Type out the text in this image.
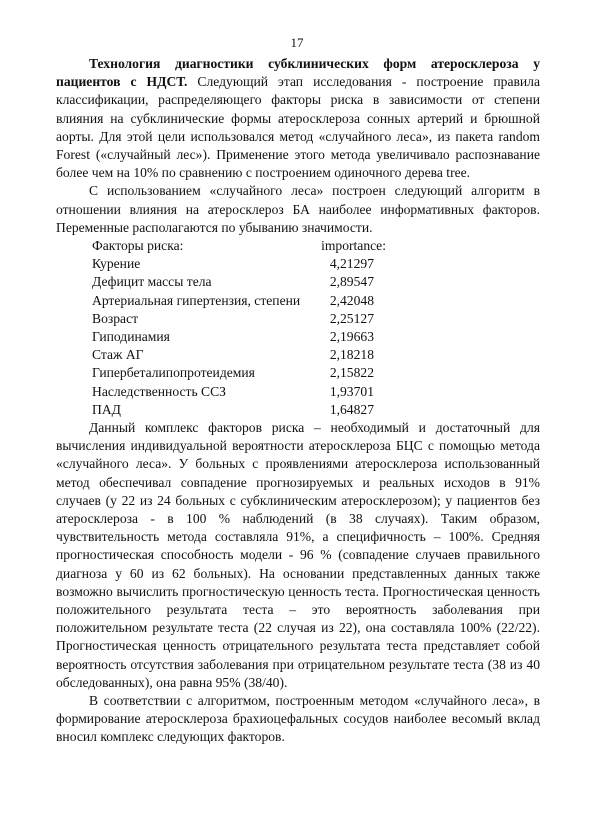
17

Технология диагностики субклинических форм атеросклероза у пациентов с НДСТ. Следующий этап исследования - построение правила классификации, распределяющего факторы риска в зависимости от степени влияния на субклинические формы атеросклероза сонных артерий и брюшной аорты. Для этой цели использовался метод «случайного леса», из пакета random Forest («случайный лес»). Применение этого метода увеличивало распознавание более чем на 10% по сравнению с построением одиночного дерева tree.

С использованием «случайного леса» построен следующий алгоритм в отношении влияния на атеросклероз БА наиболее информативных факторов. Переменные располагаются по убыванию значимости.

Факторы риска:	importance:
Курение	4,21297
Дефицит массы тела	2,89547
Артериальная гипертензия, степени	2,42048
Возраст	2,25127
Гиподинамия	2,19663
Стаж АГ	2,18218
Гипербеталипопротеидемия	2,15822
Наследственность ССЗ	1,93701
ПАД	1,64827

Данный комплекс факторов риска – необходимый и достаточный для вычисления индивидуальной вероятности атеросклероза БЦС с помощью метода «случайного леса». У больных с проявлениями атеросклероза использованный метод обеспечивал совпадение прогнозируемых и реальных исходов в 91% случаев (у 22 из 24 больных с субклиническим атеросклерозом); у пациентов без атеросклероза - в 100 % наблюдений (в 38 случаях). Таким образом, чувствительность метода составляла 91%, а специфичность – 100%. Средняя прогностическая способность модели - 96 % (совпадение случаев правильного диагноза у 60 из 62 больных). На основании представленных данных также возможно вычислить прогностическую ценность теста. Прогностическая ценность положительного результата теста – это вероятность заболевания при положительном результате теста (22 случая из 22), она составляла 100% (22/22). Прогностическая ценность отрицательного результата теста представляет собой вероятность отсутствия заболевания при отрицательном результате теста (38 из 40 обследованных), она равна 95% (38/40).

В соответствии с алгоритмом, построенным методом «случайного леса», в формирование атеросклероза брахиоцефальных сосудов наиболее весомый вклад вносил комплекс следующих факторов.
